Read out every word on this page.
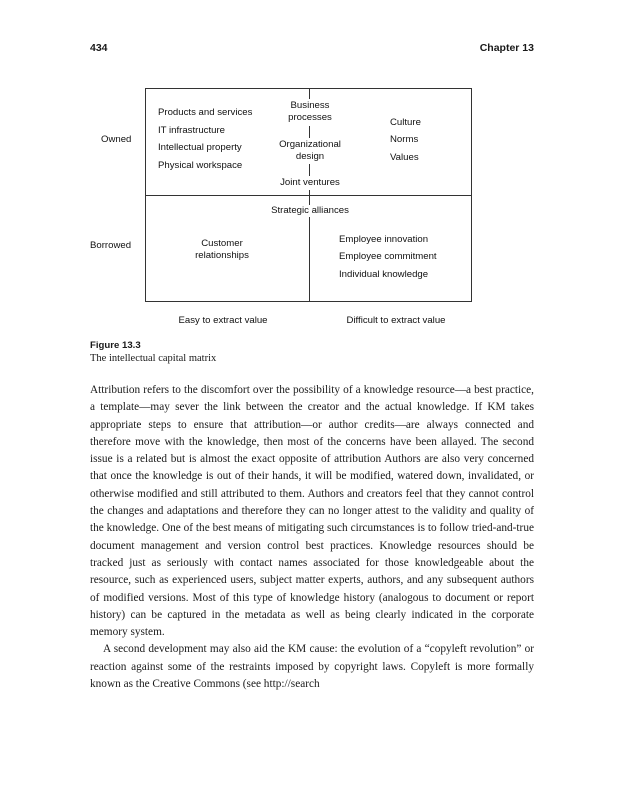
434	Chapter 13
Owned
Borrowed
Products and services
IT infrastructure
Intellectual property
Physical workspace
Business
processes
Organizational
design
Joint ventures
Strategic alliances
Culture
Norms
Values
Customer
relationships
Employee innovation
Employee commitment
Individual knowledge
Easy to extract value	Difficult to extract value
Figure 13.3
The intellectual capital matrix

Attribution refers to the discomfort over the possibility of a knowledge resource—a best practice, a template—may sever the link between the creator and the actual knowledge. If KM takes appropriate steps to ensure that attribution—or author credits—are always connected and therefore move with the knowledge, then most of the concerns have been allayed. The second issue is a related but is almost the exact opposite of attribution Authors are also very concerned that once the knowledge is out of their hands, it will be modified, watered down, invalidated, or otherwise modified and still attributed to them. Authors and creators feel that they cannot control the changes and adaptations and therefore they can no longer attest to the validity and quality of the knowledge. One of the best means of mitigating such circumstances is to follow tried-and-true document management and version control best practices. Knowledge resources should be tracked just as seriously with contact names associated for those knowledgeable about the resource, such as experienced users, subject matter experts, authors, and any subsequent authors of modified versions. Most of this type of knowledge history (analogous to document or report history) can be captured in the metadata as well as being clearly indicated in the corporate memory system.

A second development may also aid the KM cause: the evolution of a “copyleft revolution” or reaction against some of the restraints imposed by copyright laws. Copyleft is more formally known as the Creative Commons (see http://search
